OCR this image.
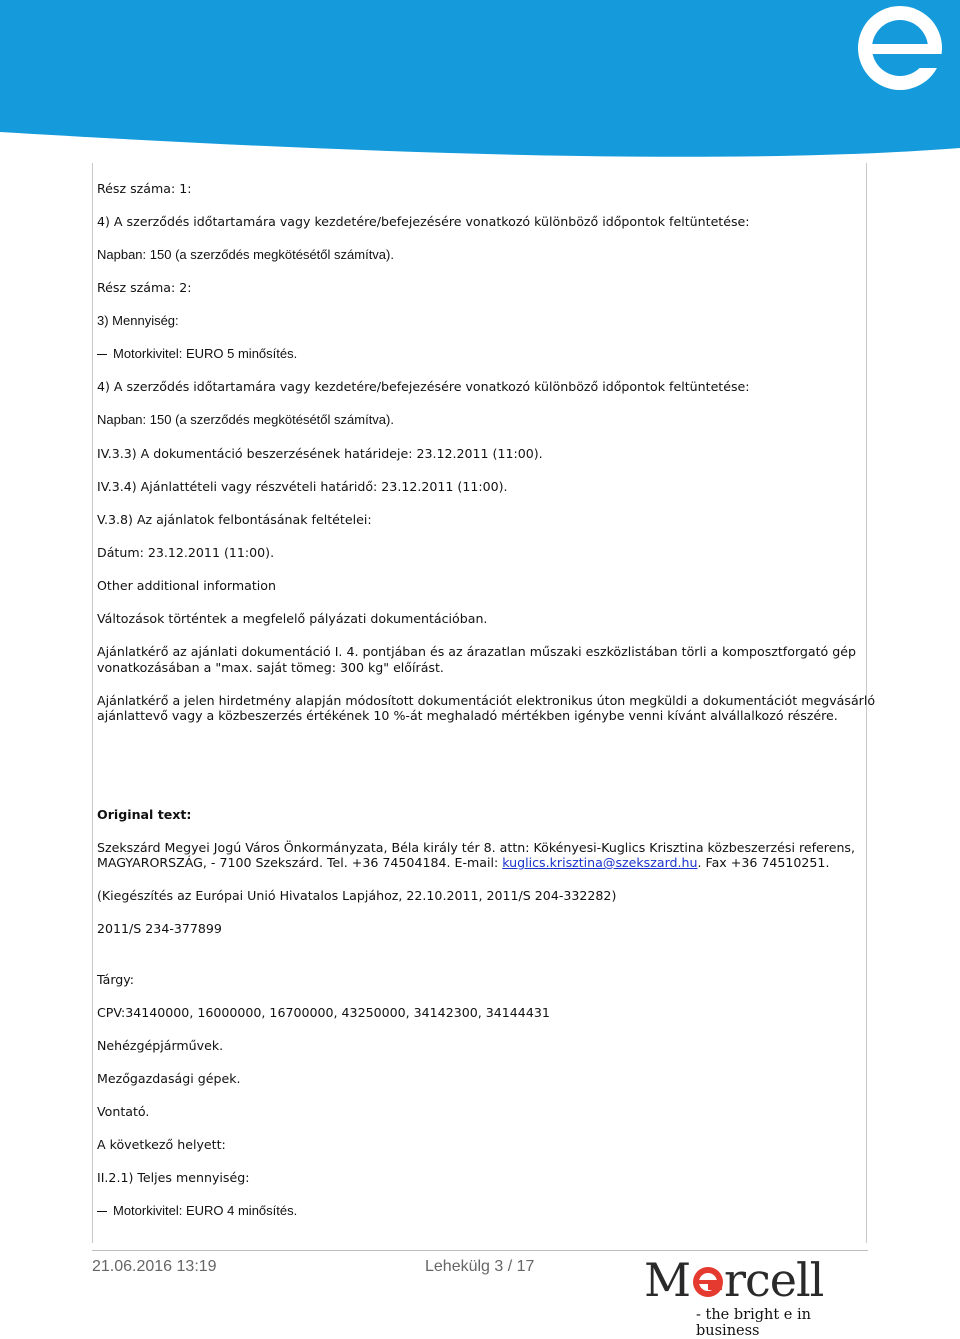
Rész száma: 1:
4) A szerződés időtartamára vagy kezdetére/befejezésére vonatkozó különböző időpontok feltüntetése:
Napban: 150 (a szerződés megkötésétől számítva).
Rész száma: 2:
3) Mennyiség:
Motorkivitel: EURO 5 minősítés.
4) A szerződés időtartamára vagy kezdetére/befejezésére vonatkozó különböző időpontok feltüntetése:
Napban: 150 (a szerződés megkötésétől számítva).
IV.3.3) A dokumentáció beszerzésének határideje: 23.12.2011 (11:00).
IV.3.4) Ajánlattételi vagy részvételi határidő: 23.12.2011 (11:00).
V.3.8) Az ajánlatok felbontásának feltételei:
Dátum: 23.12.2011 (11:00).
Other additional information
Változások történtek a megfelelő pályázati dokumentációban.
Ajánlatkérő az ajánlati dokumentáció I. 4. pontjában és az árazatlan műszaki eszközlistában törli a komposztforgató gép
vonatkozásában a "max. saját tömeg: 300 kg" előírást.
Ajánlatkérő a jelen hirdetmény alapján módosított dokumentációt elektronikus úton megküldi a dokumentációt megvásárló
ajánlattevő vagy a közbeszerzés értékének 10 %-át meghaladó mértékben igénybe venni kívánt alvállalkozó részére.
Original text:
Szekszárd Megyei Jogú Város Önkormányzata, Béla király tér 8. attn: Kökényesi-Kuglics Krisztina közbeszerzési referens,
MAGYARORSZÁG, - 7100 Szekszárd. Tel. +36 74504184. E-mail: kuglics.krisztina@szekszard.hu. Fax +36 74510251.
(Kiegészítés az Európai Unió Hivatalos Lapjához, 22.10.2011, 2011/S 204-332282)
2011/S 234-377899
Tárgy:
CPV:34140000, 16000000, 16700000, 43250000, 34142300, 34144431
Nehézgépjárművek.
Mezőgazdasági gépek.
Vontató.
A következő helyett:
II.2.1) Teljes mennyiség:
Motorkivitel: EURO 4 minősítés.
21.06.2016 13:19	Lehekülg 3 / 17 M rcell
- the bright e in business
